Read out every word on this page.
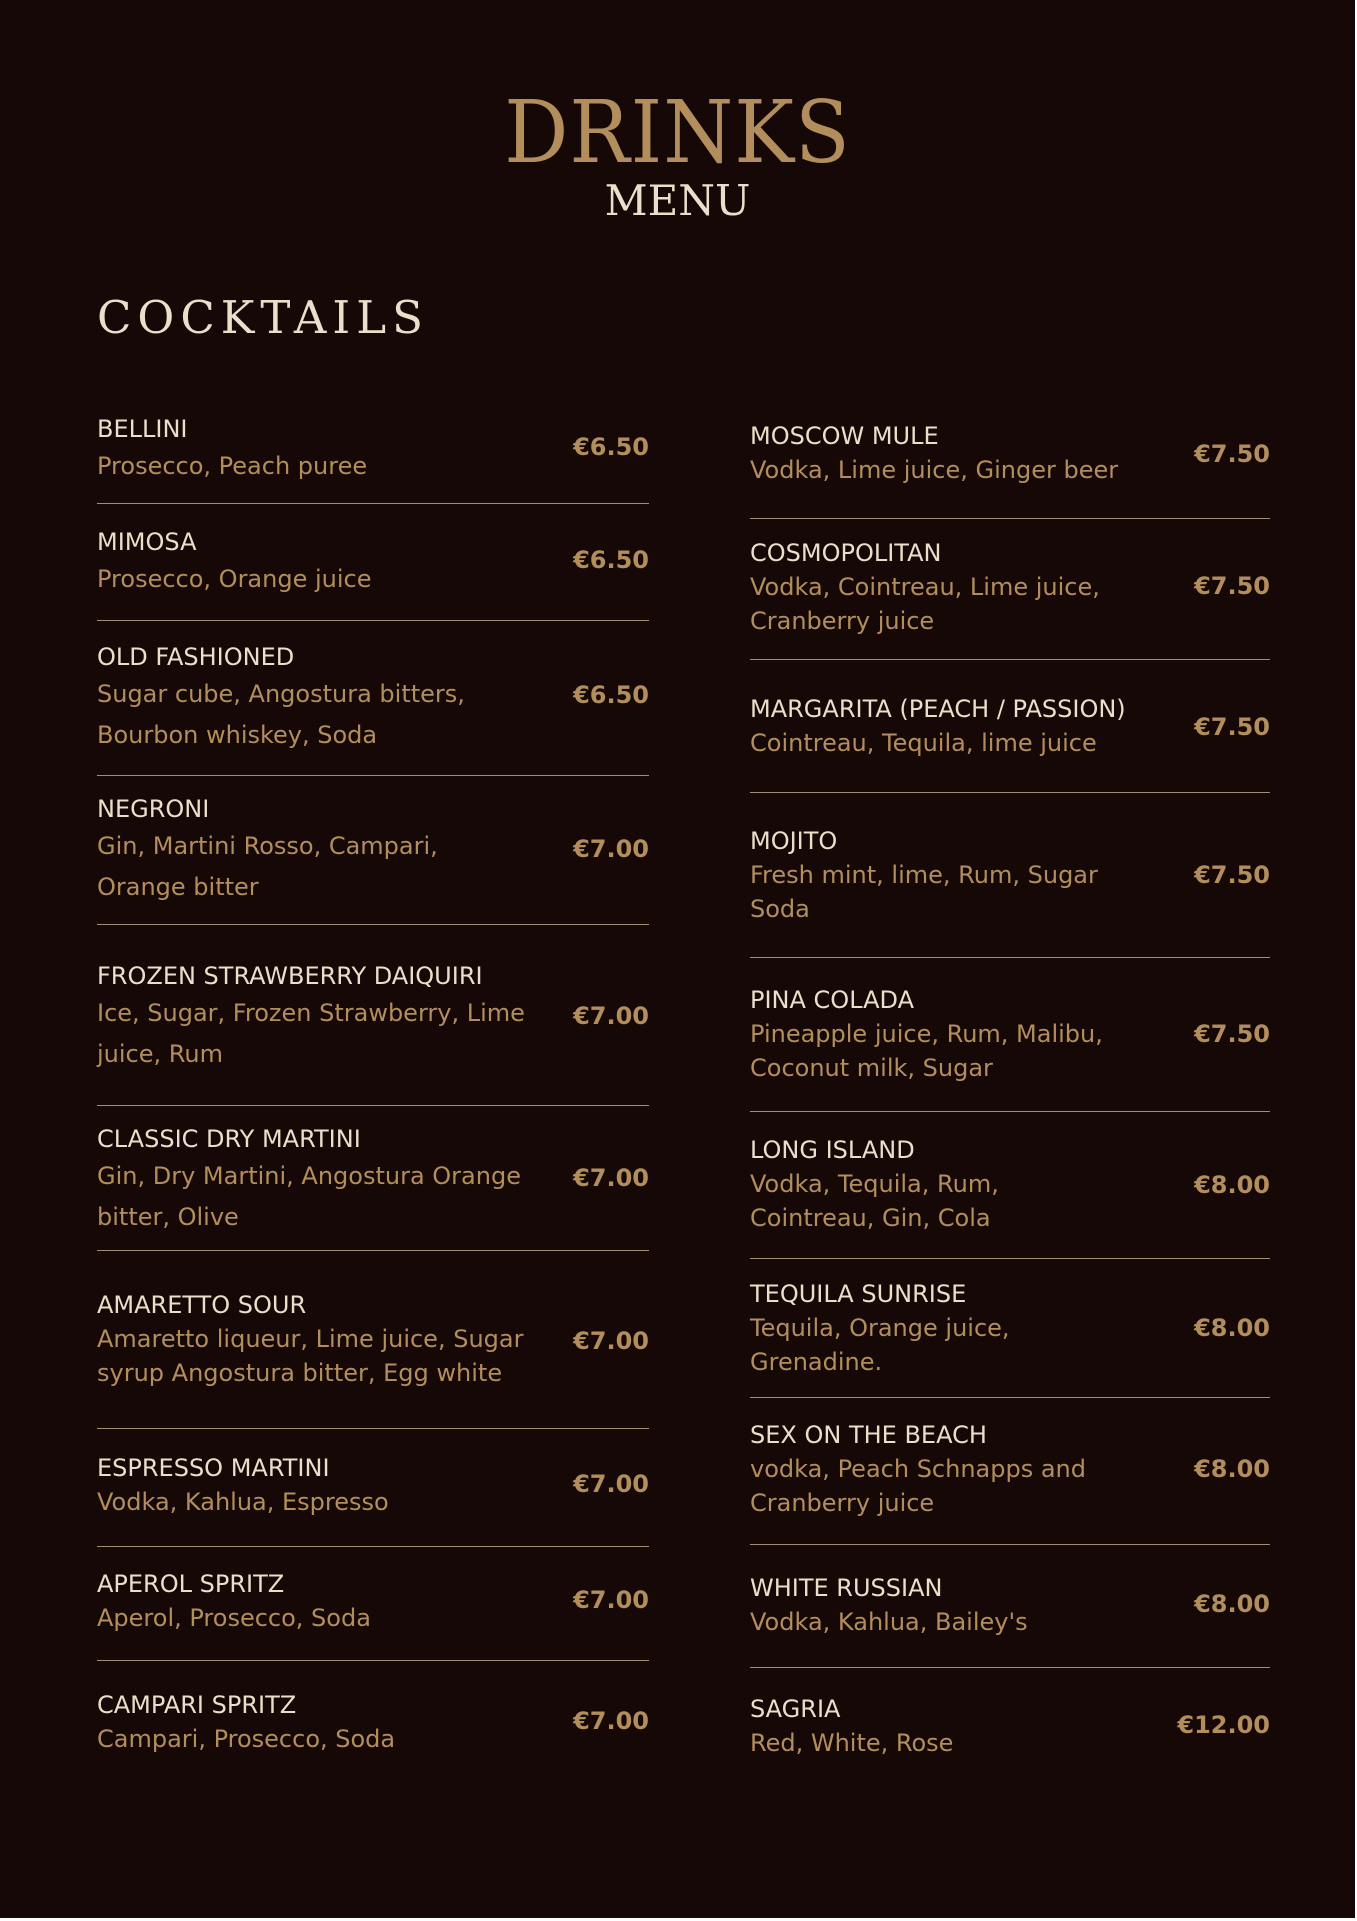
DRINKS
MENU
COCKTAILS
BELLINI
Prosecco, Peach puree
€6.50
MIMOSA
Prosecco, Orange juice
€6.50
OLD FASHIONED
Sugar cube, Angostura bitters, Bourbon whiskey, Soda
€6.50
NEGRONI
Gin, Martini Rosso, Campari, Orange bitter
€7.00
FROZEN STRAWBERRY DAIQUIRI
Ice, Sugar, Frozen Strawberry, Lime juice, Rum
€7.00
CLASSIC DRY MARTINI
Gin, Dry Martini, Angostura Orange bitter, Olive
€7.00
AMARETTO SOUR
Amaretto liqueur, Lime juice, Sugar syrup Angostura bitter, Egg white
€7.00
ESPRESSO MARTINI
Vodka, Kahlua, Espresso
€7.00
APEROL SPRITZ
Aperol, Prosecco, Soda
€7.00
CAMPARI SPRITZ
Campari, Prosecco, Soda
€7.00
MOSCOW MULE
Vodka, Lime juice, Ginger beer
€7.50
COSMOPOLITAN
Vodka, Cointreau, Lime juice, Cranberry juice
€7.50
MARGARITA (PEACH / PASSION)
Cointreau, Tequila, lime juice
€7.50
MOJITO
Fresh mint, lime, Rum, Sugar Soda
€7.50
PINA COLADA
Pineapple juice, Rum, Malibu, Coconut milk, Sugar
€7.50
LONG ISLAND
Vodka, Tequila, Rum, Cointreau, Gin, Cola
€8.00
TEQUILA SUNRISE
Tequila, Orange juice, Grenadine.
€8.00
SEX ON THE BEACH
vodka, Peach Schnapps and Cranberry juice
€8.00
WHITE RUSSIAN
Vodka, Kahlua, Bailey's
€8.00
SAGRIA
Red, White, Rose
€12.00
